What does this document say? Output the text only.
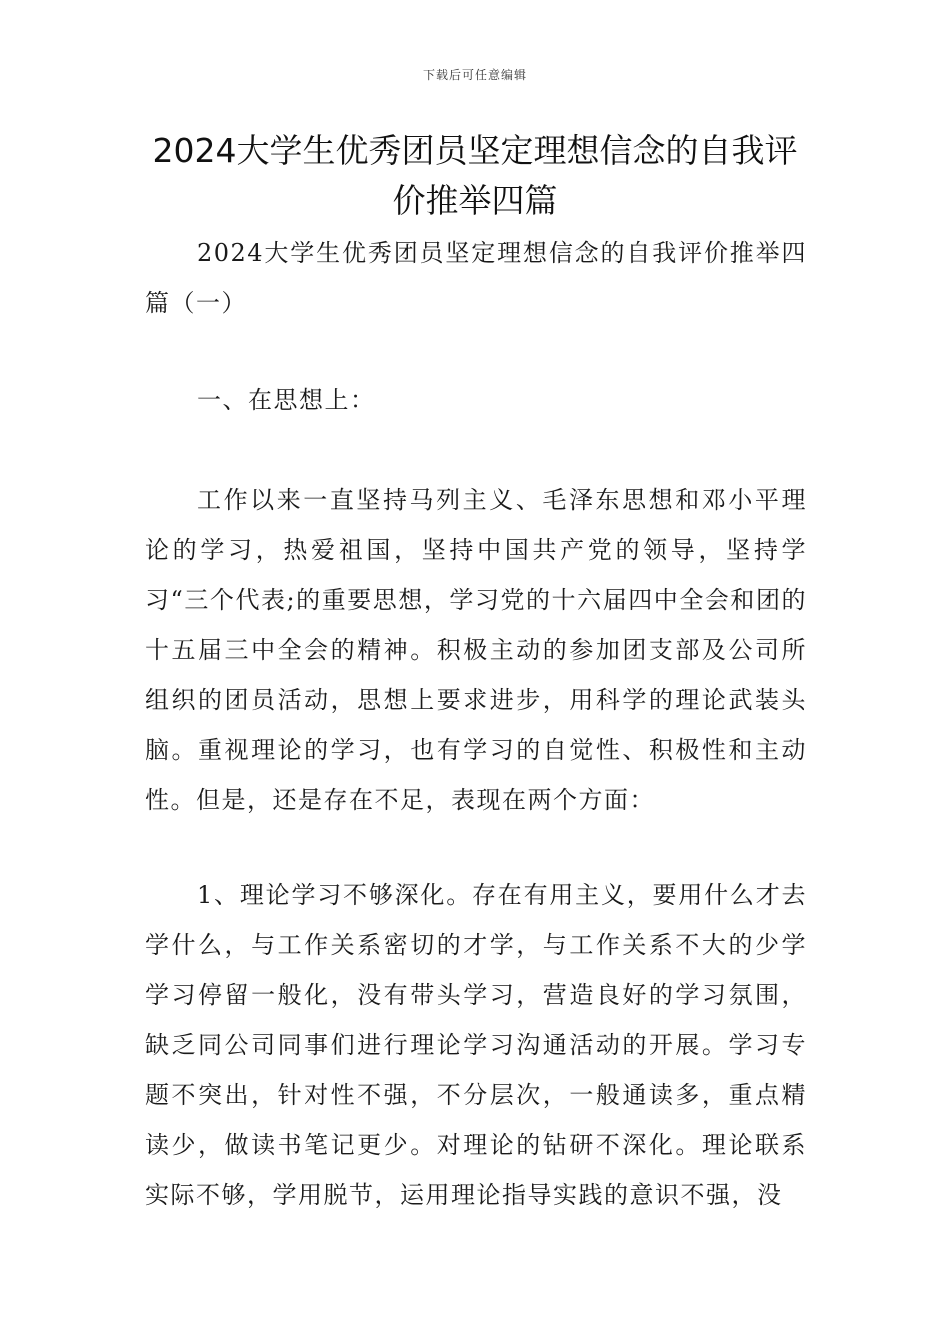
下载后可任意编辑
2024大学生优秀团员坚定理想信念的自我评价推举四篇

2024大学生优秀团员坚定理想信念的自我评价推举四篇（一）

一、在思想上：

工作以来一直坚持马列主义、毛泽东思想和邓小平理论的学习，热爱祖国，坚持中国共产党的领导，坚持学习“三个代表;的重要思想，学习党的十六届四中全会和团的十五届三中全会的精神。积极主动的参加团支部及公司所组织的团员活动，思想上要求进步，用科学的理论武装头脑。重视理论的学习，也有学习的自觉性、积极性和主动性。但是，还是存在不足，表现在两个方面：

1、理论学习不够深化。存在有用主义，要用什么才去学什么，与工作关系密切的才学，与工作关系不大的少学学习停留一般化，没有带头学习，营造良好的学习氛围，缺乏同公司同事们进行理论学习沟通活动的开展。学习专题不突出，针对性不强，不分层次，一般通读多，重点精读少，做读书笔记更少。对理论的钻研不深化。理论联系实际不够，学用脱节，运用理论指导实践的意识不强，没
